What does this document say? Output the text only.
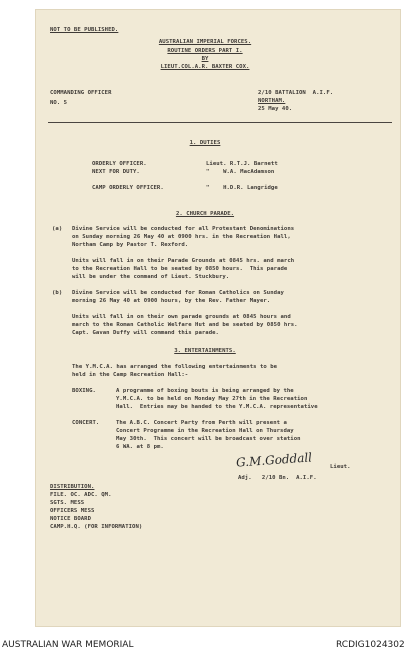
NOT TO BE PUBLISHED.
AUSTRALIAN IMPERIAL FORCES.
ROUTINE ORDERS PART I.
BY
LIEUT.COL.A.R. BAXTER COX.
COMMANDING OFFICER	2/10 BATTALION  A.I.F.
NO. 5	NORTHAM.
25 May 40.
1. DUTIES
ORDERLY OFFICER.	Lieut. R.T.J. Barnett
NEXT FOR DUTY.	"    W.A. MacAdamson
CAMP ORDERLY OFFICER.	"    H.D.R. Langridge
2. CHURCH PARADE.
(a) Divine Service will be conducted for all Protestant Denominations
on Sunday morning 26 May 40 at 0900 hrs. in the Recreation Hall,
Northam Camp by Pastor T. Rexford.
Units will fall in on their Parade Grounds at 0845 hrs. and march
to the Recreation Hall to be seated by 0850 hours.  This parade
will be under the command of Lieut. Stuckbury.
(b) Divine Service will be conducted for Roman Catholics on Sunday
morning 26 May 40 at 0900 hours, by the Rev. Father Mayer.
Units will fall in on their own parade grounds at 0845 hours and
march to the Roman Catholic Welfare Hut and be seated by 0850 hrs.
Capt. Gavan Duffy will command this parade.
3. ENTERTAINMENTS.
The Y.M.C.A. has arranged the following entertainments to be
held in the Camp Recreation Hall:-
BOXING.	A programme of boxing bouts is being arranged by the
Y.M.C.A. to be held on Monday May 27th in the Recreation
Hall.  Entries may be handed to the Y.M.C.A. representative
CONCERT.	The A.B.C. Concert Party from Perth will present a
Concert Programme in the Recreation Hall on Thursday
May 30th.  This concert will be broadcast over station
6 WA. at 8 pm.
G.M.Goddall	Lieut.
Adj.   2/10 Bn.  A.I.F.
DISTRIBUTION.
FILE. OC. ADC. QM.
SGTS. MESS
OFFICERS MESS
NOTICE BOARD
CAMP.H.Q. (FOR INFORMATION)
AUSTRALIAN WAR MEMORIAL	RCDIG1024302
